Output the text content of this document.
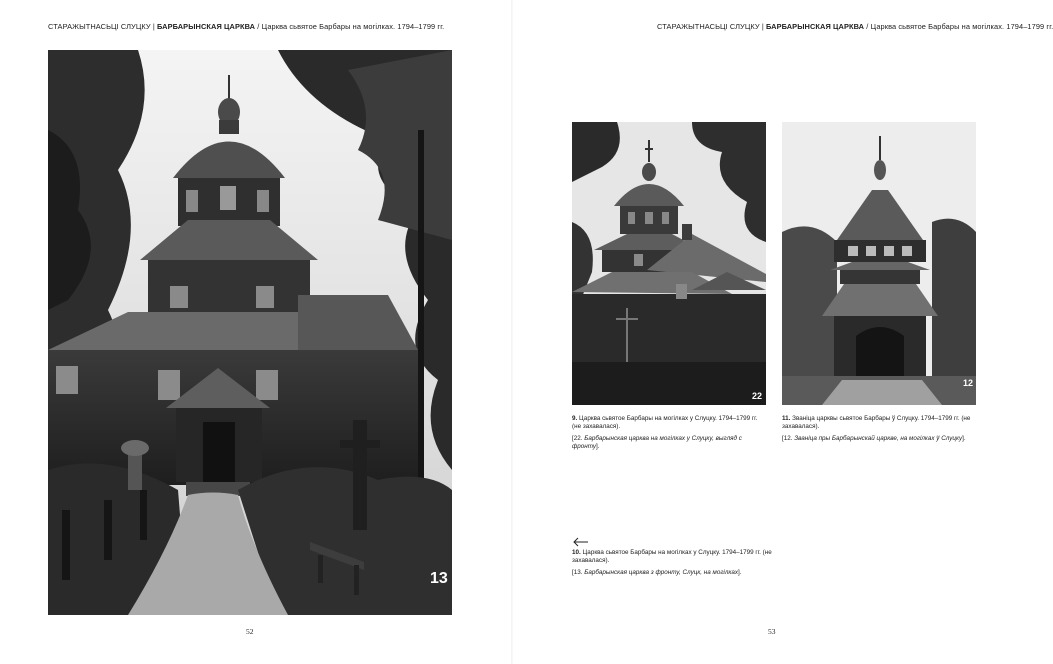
СТАРАЖЫТНАСЬЦІ СЛУЦКУ | БАРБАРЫНСКАЯ ЦАРКВА / Царква сьвятое Барбары на могілках. 1794–1799 гг.	СТАРАЖЫТНАСЬЦІ СЛУЦКУ | БАРБАРЫНСКАЯ ЦАРКВА / Царква сьвятое Барбары на могілках. 1794–1799 гг.
13
22
12

9. Царква сьвятое Барбары на могілках у Слуцку. 1794–1799 гг. (не захавалася).

[22. Барбарынская царква на могілках у Слуцку, выгляд с фронту].

11. Званіца царквы сьвятое Барбары ў Слуцку. 1794–1799 гг. (не захавалася).

[12. Званіца пры Барбарынскай царкве, на могілках ў Слуцку].

10. Царква сьвятое Барбары на могілках у Слуцку. 1794–1799 гг. (не захавалася).

[13. Барбарынская царква з фронту, Слуцк, на могілках].

52	53
